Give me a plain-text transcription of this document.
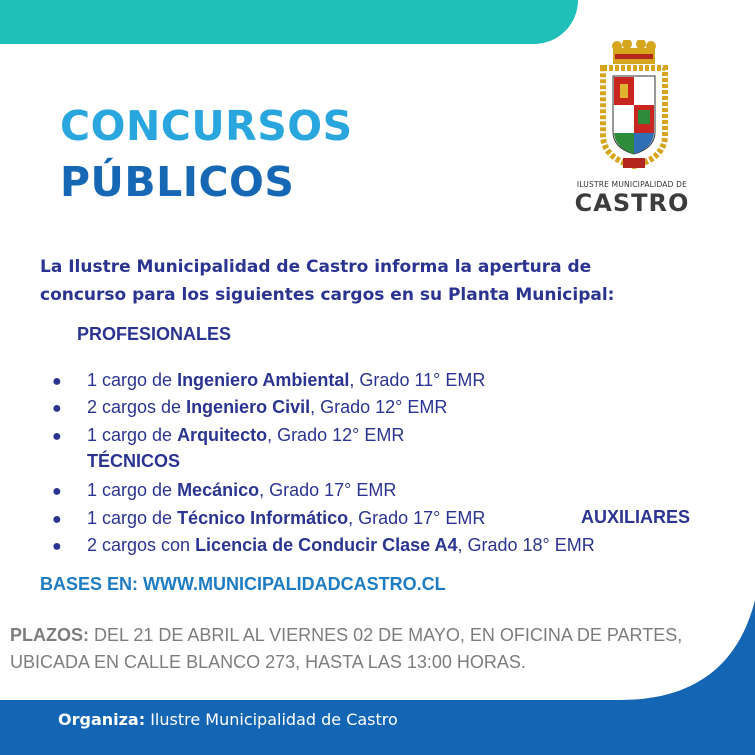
CONCURSOS
PÚBLICOS	ILUSTRE MUNICIPALIDAD DE
CASTRO
La Ilustre Municipalidad de Castro informa la apertura de concurso para los siguientes cargos en su Planta Municipal:
PROFESIONALES
● 1 cargo de Ingeniero Ambiental, Grado 11° EMR
● 2 cargos de Ingeniero Civil, Grado 12° EMR
● 1 cargo de Arquitecto, Grado 12° EMR
TÉCNICOS
● 1 cargo de Mecánico, Grado 17° EMR
● 1 cargo de Técnico Informático, Grado 17° EMR	AUXILIARES
● 2 cargos con Licencia de Conducir Clase A4, Grado 18° EMR
BASES EN: WWW.MUNICIPALIDADCASTRO.CL
PLAZOS: DEL 21 DE ABRIL AL VIERNES 02 DE MAYO, EN OFICINA DE PARTES, UBICADA EN CALLE BLANCO 273, HASTA LAS 13:00 HORAS.
Organiza: Ilustre Municipalidad de Castro
